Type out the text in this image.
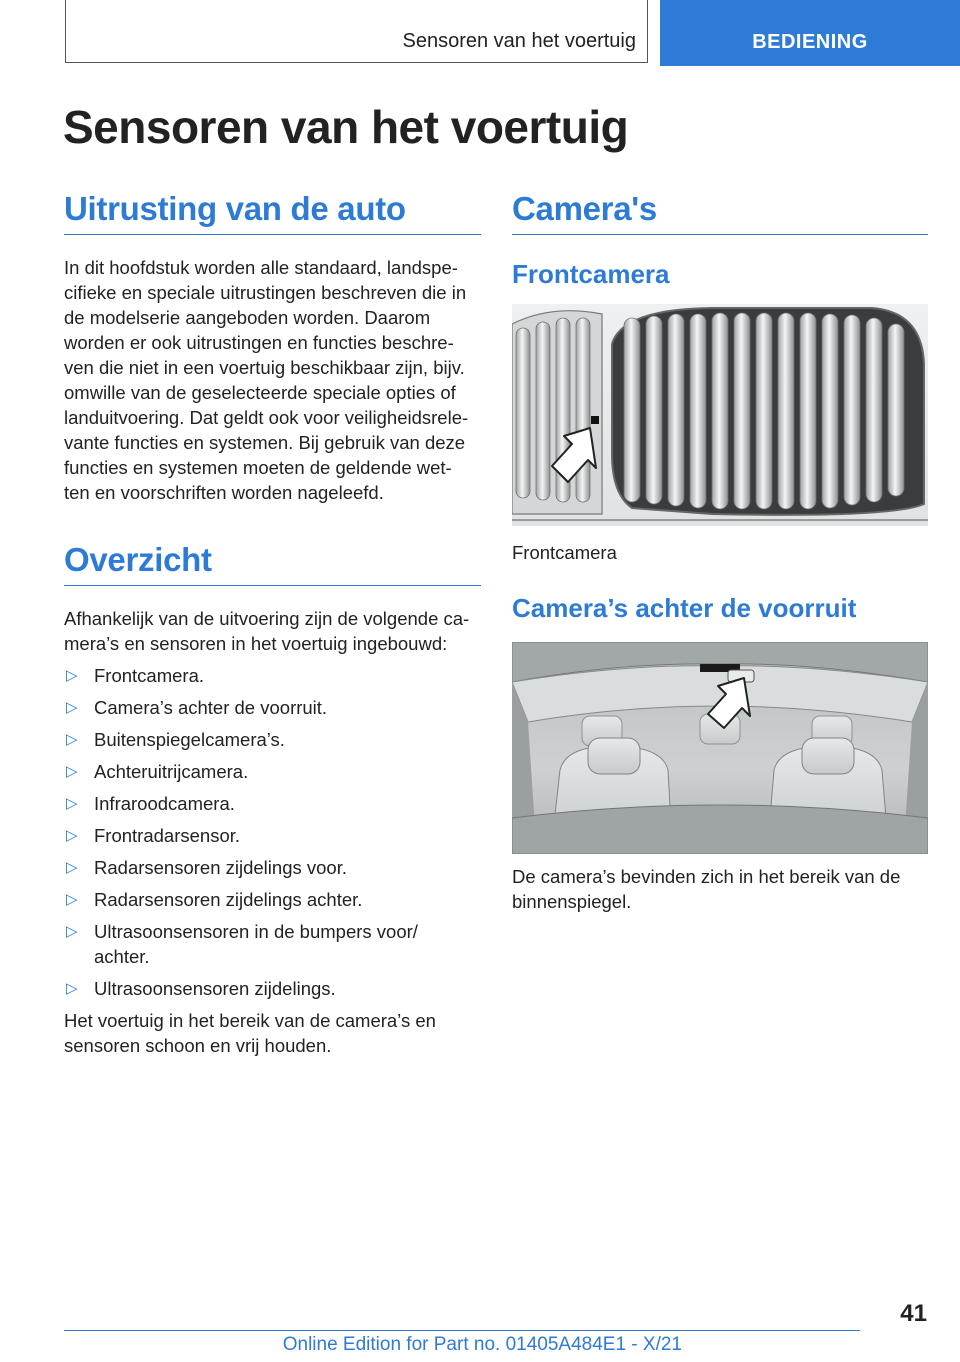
Sensoren van het voertuig	BEDIENING
Sensoren van het voertuig
Uitrusting van de auto

In dit hoofdstuk worden alle standaard, landspe-
cifieke en speciale uitrustingen beschreven die in
de modelserie aangeboden worden. Daarom
worden er ook uitrustingen en functies beschre-
ven die niet in een voertuig beschikbaar zijn, bijv.
omwille van de geselecteerde speciale opties of
landuitvoering. Dat geldt ook voor veiligheidsrele-
vante functies en systemen. Bij gebruik van deze
functies en systemen moeten de geldende wet-
ten en voorschriften worden nageleefd.

Overzicht

Afhankelijk van de uitvoering zijn de volgende ca-
mera’s en sensoren in het voertuig ingebouwd:

▷ Frontcamera.
▷ Camera’s achter de voorruit.
▷ Buitenspiegelcamera’s.
▷ Achteruitrijcamera.
▷ Infraroodcamera.
▷ Frontradarsensor.
▷ Radarsensoren zijdelings voor.
▷ Radarsensoren zijdelings achter.
▷ Ultrasoonsensoren in de bumpers voor/
achter.
▷ Ultrasoonsensoren zijdelings.

Het voertuig in het bereik van de camera’s en
sensoren schoon en vrij houden.

Camera's
Frontcamera

Frontcamera

Camera’s achter de voorruit

De camera’s bevinden zich in het bereik van de
binnenspiegel.

41
Online Edition for Part no. 01405A484E1 - X/21
